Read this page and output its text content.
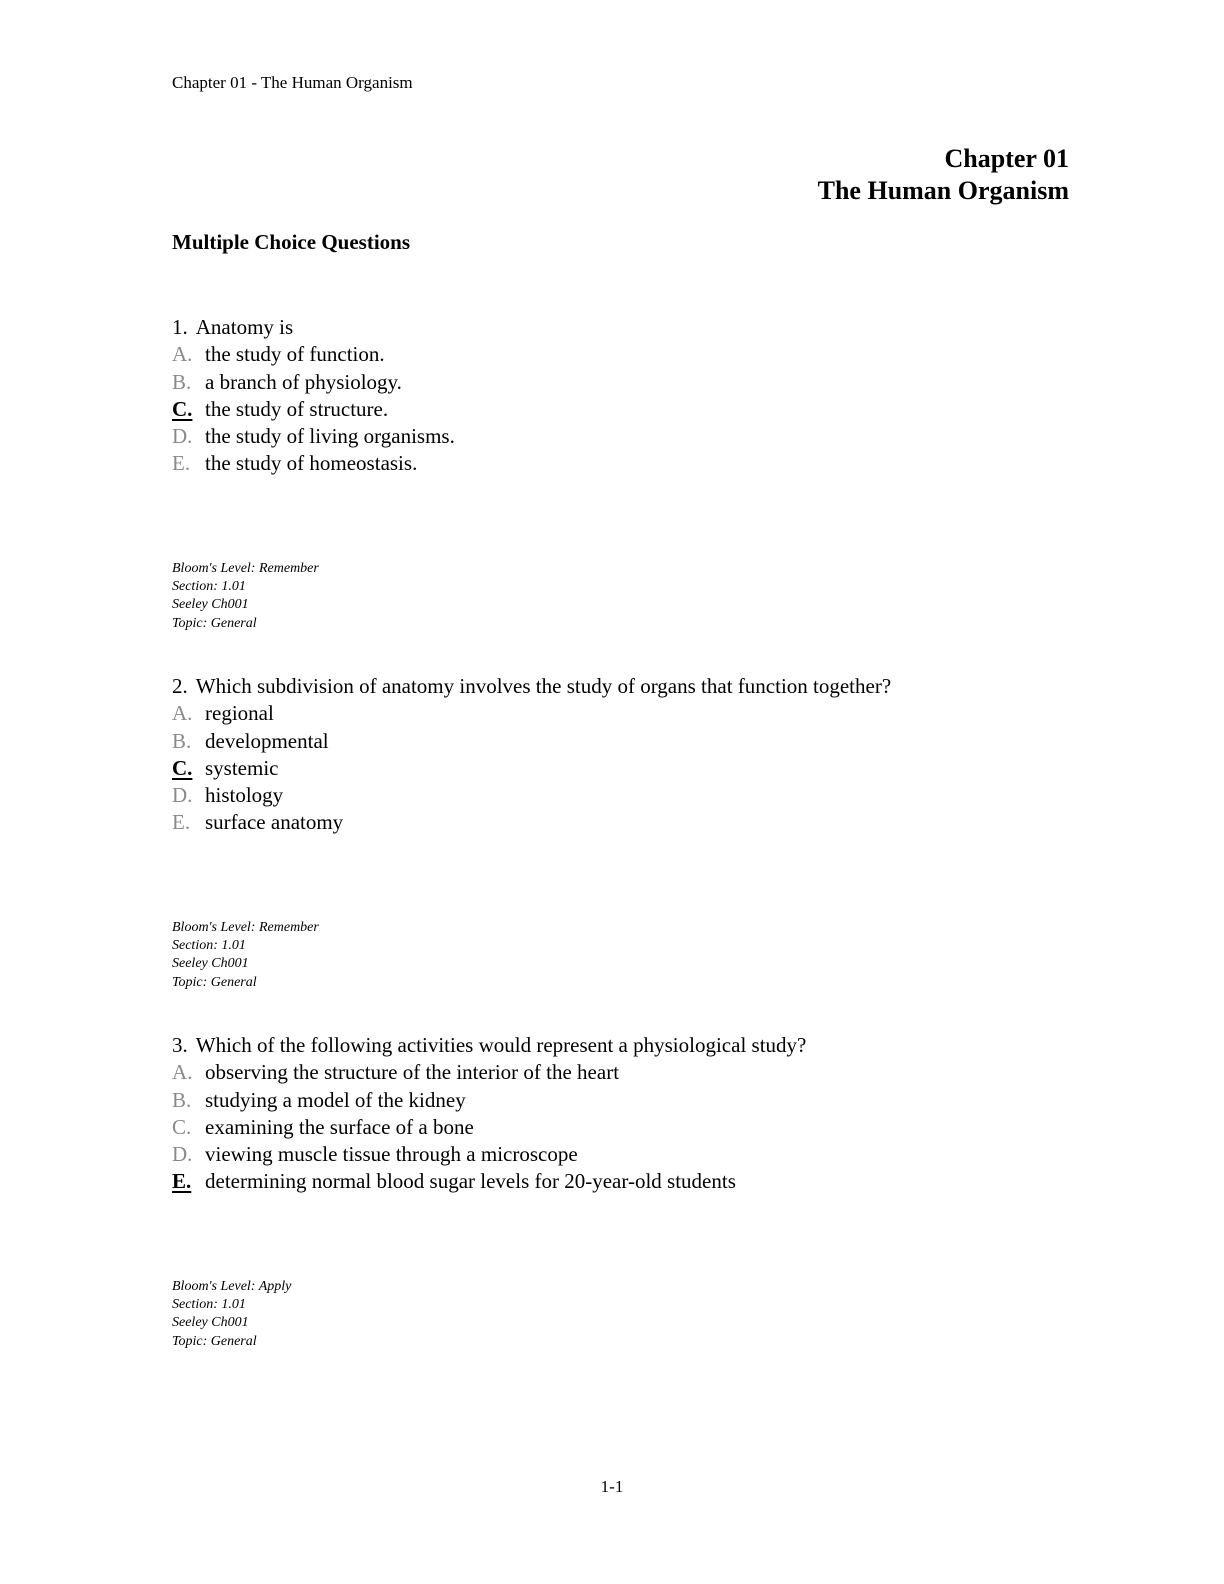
Chapter 01 - The Human Organism
Chapter 01
The Human Organism
Multiple Choice Questions
1. Anatomy is
A. the study of function.
B. a branch of physiology.
C. the study of structure.
D. the study of living organisms.
E. the study of homeostasis.
Bloom's Level: Remember
Section: 1.01
Seeley Ch001
Topic: General
2. Which subdivision of anatomy involves the study of organs that function together?
A. regional
B. developmental
C. systemic
D. histology
E. surface anatomy
Bloom's Level: Remember
Section: 1.01
Seeley Ch001
Topic: General
3. Which of the following activities would represent a physiological study?
A. observing the structure of the interior of the heart
B. studying a model of the kidney
C. examining the surface of a bone
D. viewing muscle tissue through a microscope
E. determining normal blood sugar levels for 20-year-old students
Bloom's Level: Apply
Section: 1.01
Seeley Ch001
Topic: General
1-1
